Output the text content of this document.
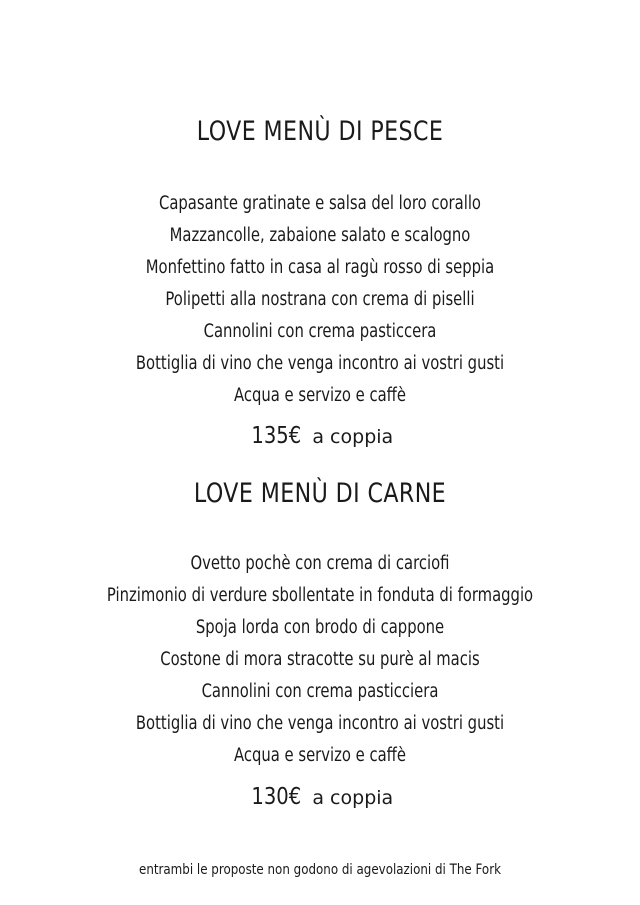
LOVE MENÙ DI PESCE
Capasante gratinate e salsa del loro corallo
Mazzancolle, zabaione salato e scalogno
Monfettino fatto in casa al ragù rosso di seppia
Polipetti alla nostrana con crema di piselli
Cannolini con crema pasticcera
Bottiglia di vino che venga incontro ai vostri gusti
Acqua e servizo e caffè
135€ a coppia
LOVE MENÙ DI CARNE
Ovetto pochè con crema di carciofi
Pinzimonio di verdure sbollentate in fonduta di formaggio
Spoja lorda con brodo di cappone
Costone di mora stracotte su purè al macis
Cannolini con crema pasticciera
Bottiglia di vino che venga incontro ai vostri gusti
Acqua e servizo e caffè
130€ a coppia
entrambi le proposte non godono di agevolazioni di The Fork
